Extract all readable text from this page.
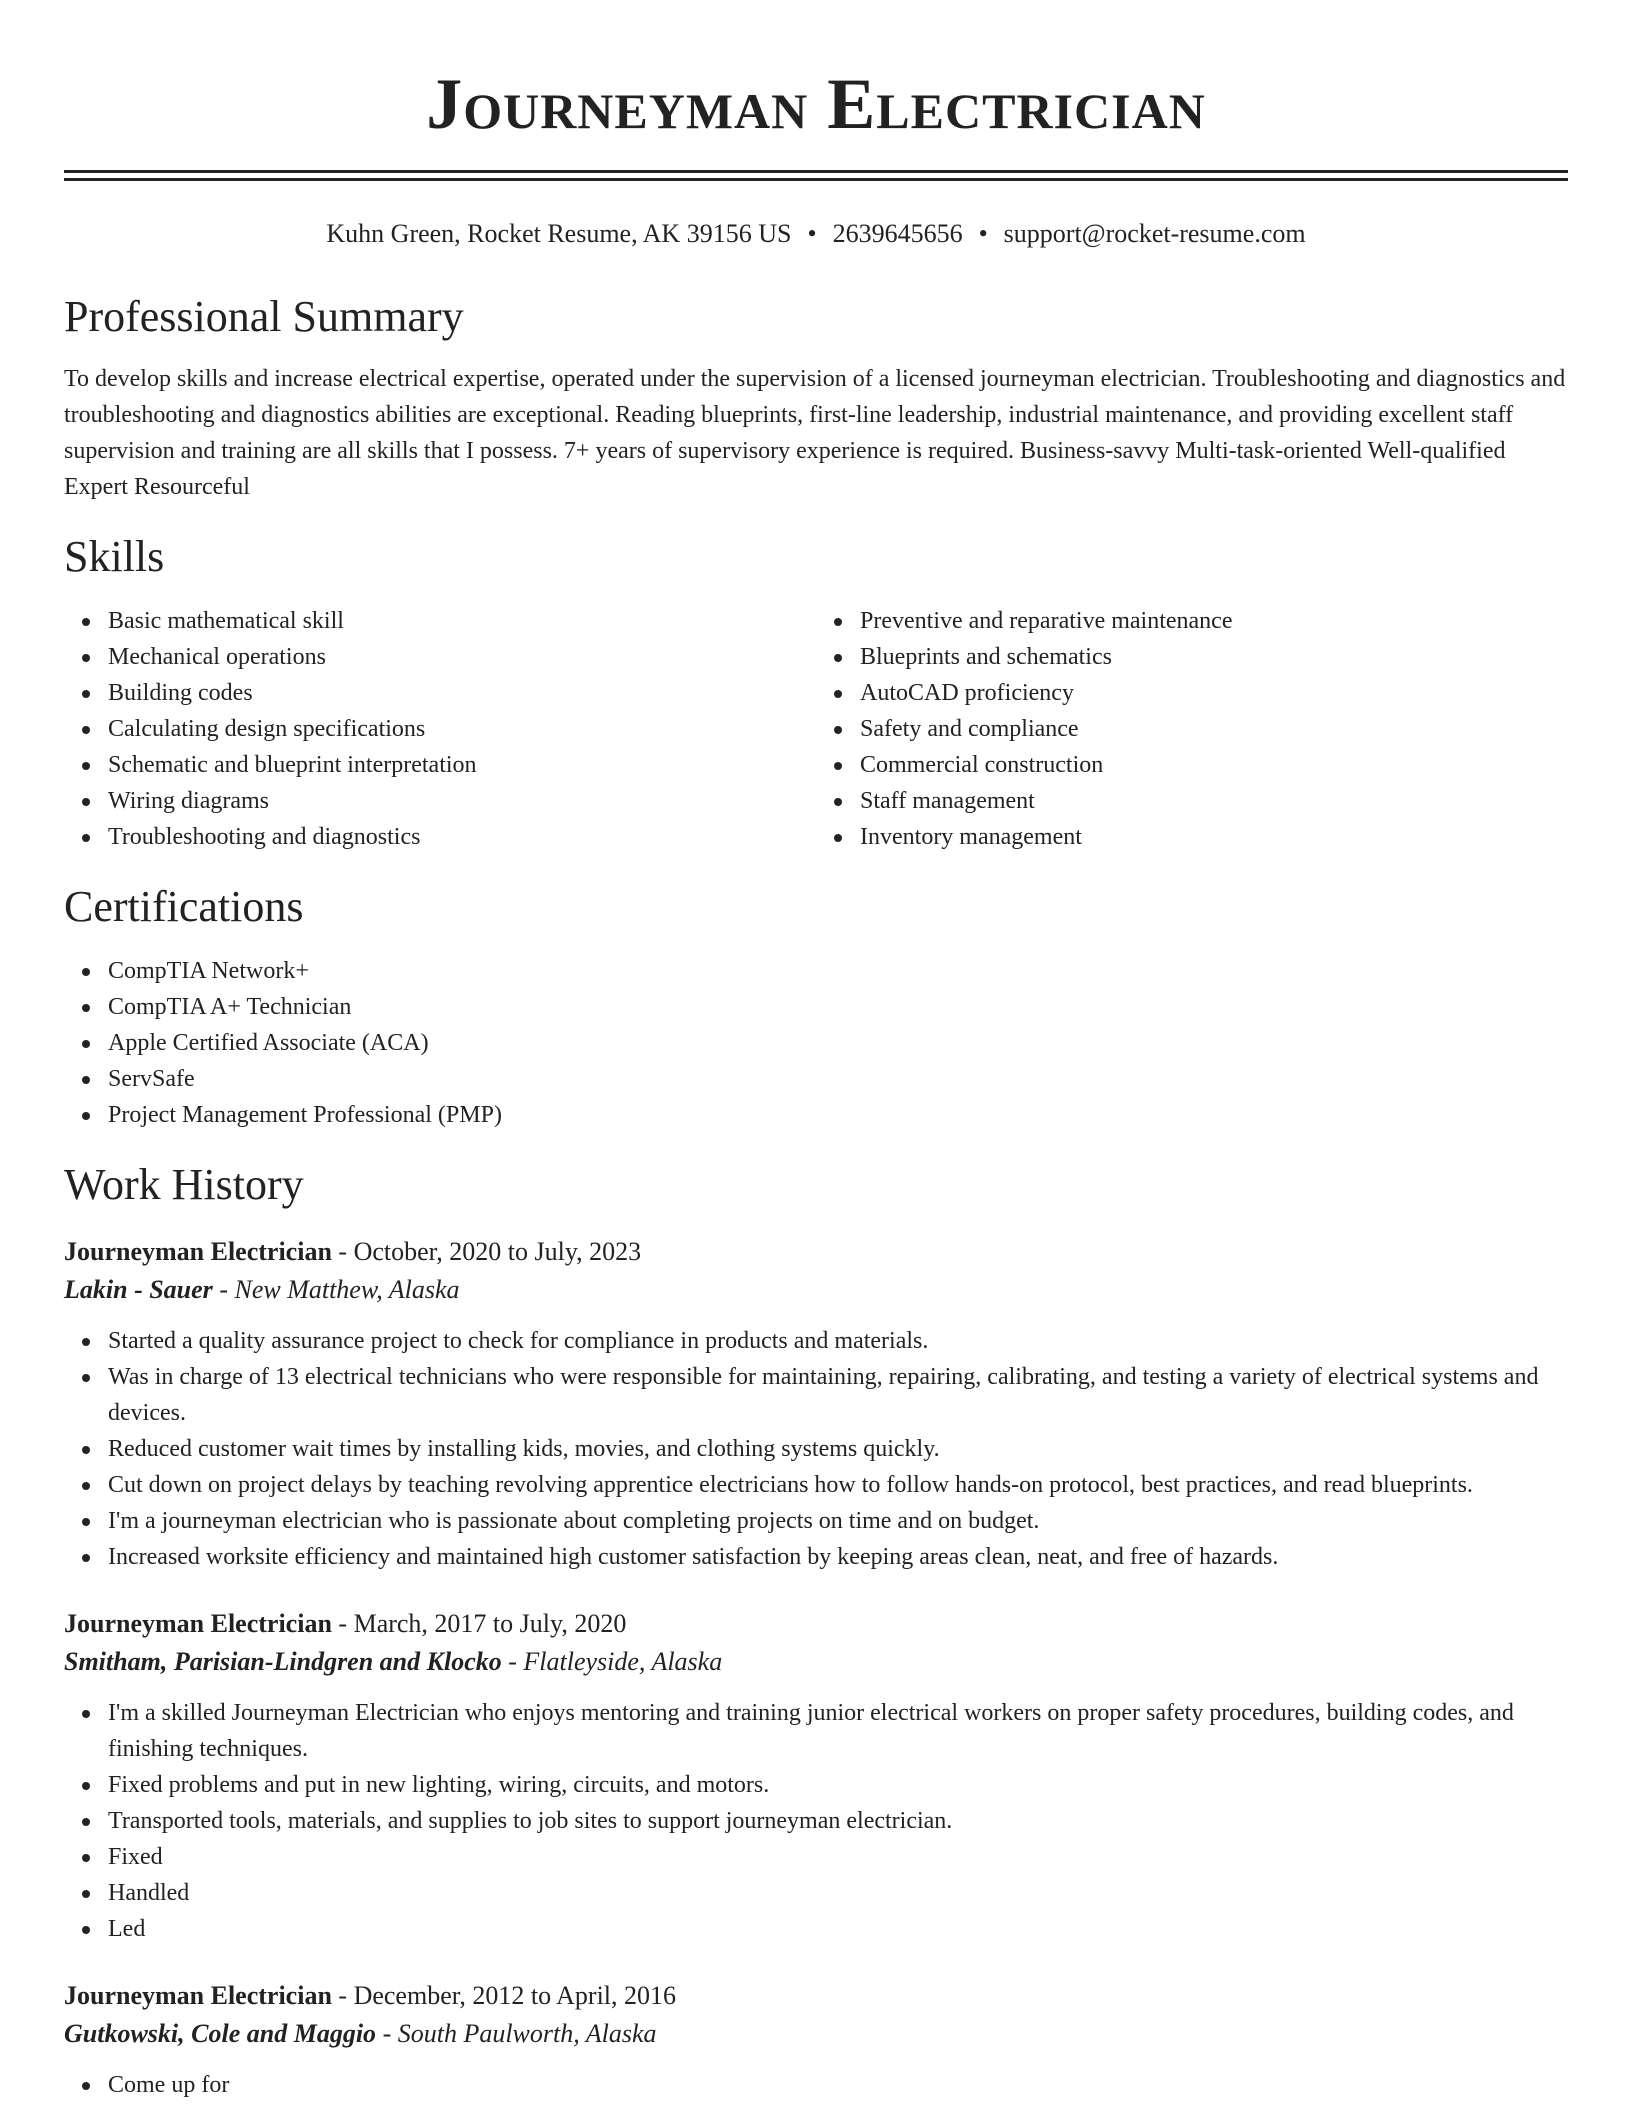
Journeyman Electrician
Kuhn Green, Rocket Resume, AK 39156 US • 2639645656 • support@rocket-resume.com
Professional Summary

To develop skills and increase electrical expertise, operated under the supervision of a licensed journeyman electrician. Troubleshooting and diagnostics and troubleshooting and diagnostics abilities are exceptional. Reading blueprints, first-line leadership, industrial maintenance, and providing excellent staff supervision and training are all skills that I possess. 7+ years of supervisory experience is required. Business-savvy Multi-task-oriented Well-qualified Expert Resourceful

Skills
Basic mathematical skill
Mechanical operations
Building codes
Calculating design specifications
Schematic and blueprint interpretation
Wiring diagrams
Troubleshooting and diagnostics
Preventive and reparative maintenance
Blueprints and schematics
AutoCAD proficiency
Safety and compliance
Commercial construction
Staff management
Inventory management
Certifications
CompTIA Network+
CompTIA A+ Technician
Apple Certified Associate (ACA)
ServSafe
Project Management Professional (PMP)
Work History
Journeyman Electrician - October, 2020 to July, 2023
Lakin - Sauer - New Matthew, Alaska
Started a quality assurance project to check for compliance in products and materials.
Was in charge of 13 electrical technicians who were responsible for maintaining, repairing, calibrating, and testing a variety of electrical systems and devices.
Reduced customer wait times by installing kids, movies, and clothing systems quickly.
Cut down on project delays by teaching revolving apprentice electricians how to follow hands-on protocol, best practices, and read blueprints.
I'm a journeyman electrician who is passionate about completing projects on time and on budget.
Increased worksite efficiency and maintained high customer satisfaction by keeping areas clean, neat, and free of hazards.
Journeyman Electrician - March, 2017 to July, 2020
Smitham, Parisian-Lindgren and Klocko - Flatleyside, Alaska
I'm a skilled Journeyman Electrician who enjoys mentoring and training junior electrical workers on proper safety procedures, building codes, and finishing techniques.
Fixed problems and put in new lighting, wiring, circuits, and motors.
Transported tools, materials, and supplies to job sites to support journeyman electrician.
Fixed
Handled
Led
Journeyman Electrician - December, 2012 to April, 2016
Gutkowski, Cole and Maggio - South Paulworth, Alaska
Come up for
